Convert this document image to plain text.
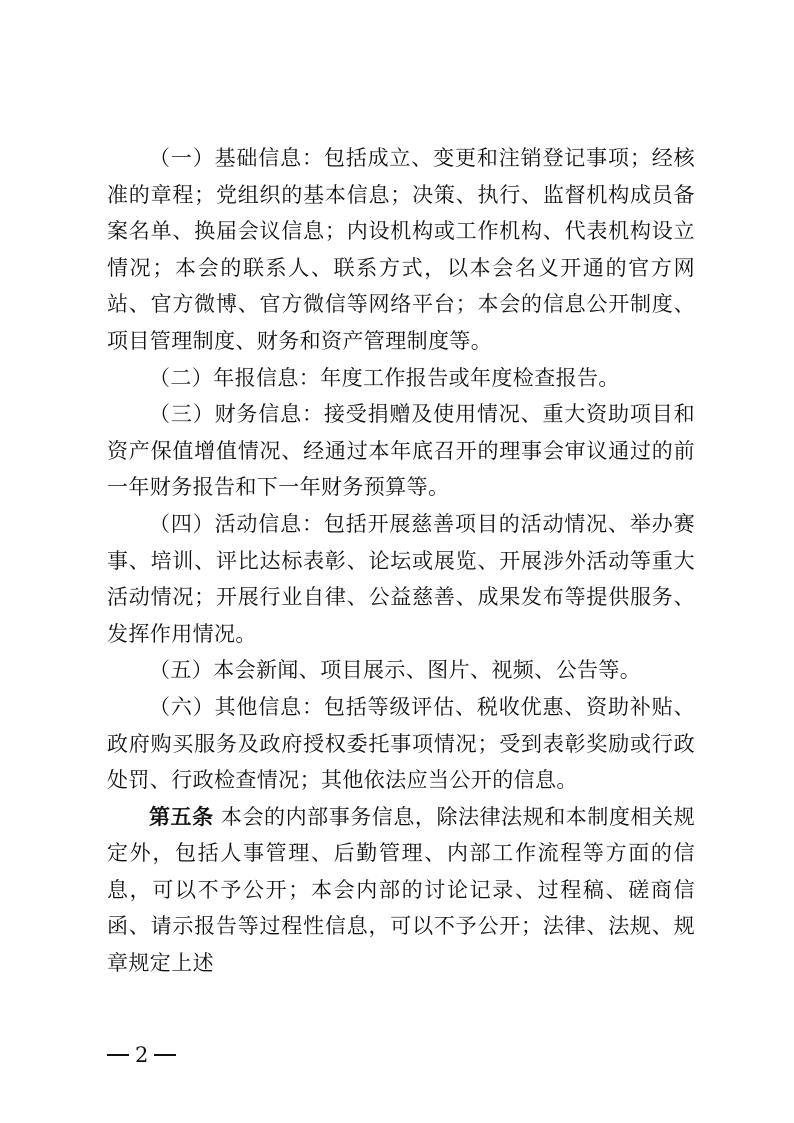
（一）基础信息：包括成立、变更和注销登记事项；经核准的章程；党组织的基本信息；决策、执行、监督机构成员备案名单、换届会议信息；内设机构或工作机构、代表机构设立情况；本会的联系人、联系方式，以本会名义开通的官方网站、官方微博、官方微信等网络平台；本会的信息公开制度、项目管理制度、财务和资产管理制度等。

（二）年报信息：年度工作报告或年度检查报告。

（三）财务信息：接受捐赠及使用情况、重大资助项目和资产保值增值情况、经通过本年底召开的理事会审议通过的前一年财务报告和下一年财务预算等。

（四）活动信息：包括开展慈善项目的活动情况、举办赛事、培训、评比达标表彰、论坛或展览、开展涉外活动等重大活动情况；开展行业自律、公益慈善、成果发布等提供服务、发挥作用情况。

（五）本会新闻、项目展示、图片、视频、公告等。

（六）其他信息：包括等级评估、税收优惠、资助补贴、政府购买服务及政府授权委托事项情况；受到表彰奖励或行政处罚、行政检查情况；其他依法应当公开的信息。

第五条 本会的内部事务信息，除法律法规和本制度相关规定外，包括人事管理、后勤管理、内部工作流程等方面的信息，可以不予公开；本会内部的讨论记录、过程稿、磋商信函、请示报告等过程性信息，可以不予公开；法律、法规、规章规定上述

2
